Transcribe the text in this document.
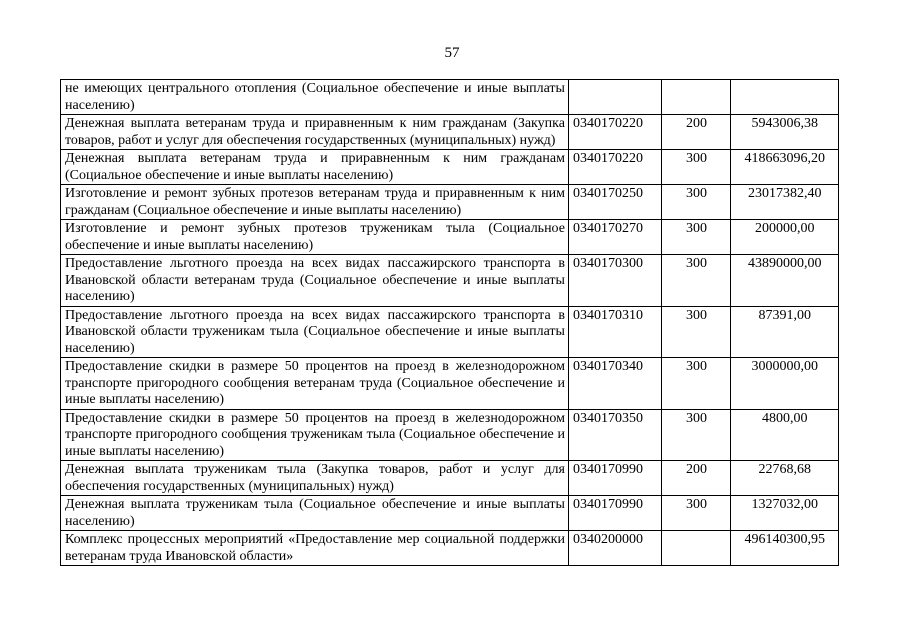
57
не имеющих центрального отопления (Социальное обеспечение и иные выплаты населению)			
Денежная выплата ветеранам труда и приравненным к ним гражданам (Закупка товаров, работ и услуг для обеспечения государственных (муниципальных) нужд)	0340170220	200	5943006,38
Денежная выплата ветеранам труда и приравненным к ним гражданам (Социальное обеспечение и иные выплаты населению)	0340170220	300	418663096,20
Изготовление и ремонт зубных протезов ветеранам труда и приравненным к ним гражданам (Социальное обеспечение и иные выплаты населению)	0340170250	300	23017382,40
Изготовление и ремонт зубных протезов труженикам тыла (Социальное обеспечение и иные выплаты населению)	0340170270	300	200000,00
Предоставление льготного проезда на всех видах пассажирского транспорта в Ивановской области ветеранам труда (Социальное обеспечение и иные выплаты населению)	0340170300	300	43890000,00
Предоставление льготного проезда на всех видах пассажирского транспорта в Ивановской области труженикам тыла (Социальное обеспечение и иные выплаты населению)	0340170310	300	87391,00
Предоставление скидки в размере 50 процентов на проезд в железнодорожном транспорте пригородного сообщения ветеранам труда (Социальное обеспечение и иные выплаты населению)	0340170340	300	3000000,00
Предоставление скидки в размере 50 процентов на проезд в железнодорожном транспорте пригородного сообщения труженикам тыла (Социальное обеспечение и иные выплаты населению)	0340170350	300	4800,00
Денежная выплата труженикам тыла (Закупка товаров, работ и услуг для обеспечения государственных (муниципальных) нужд)	0340170990	200	22768,68
Денежная выплата труженикам тыла (Социальное обеспечение и иные выплаты населению)	0340170990	300	1327032,00
Комплекс процессных мероприятий «Предоставление мер социальной поддержки ветеранам труда Ивановской области»	0340200000		496140300,95
